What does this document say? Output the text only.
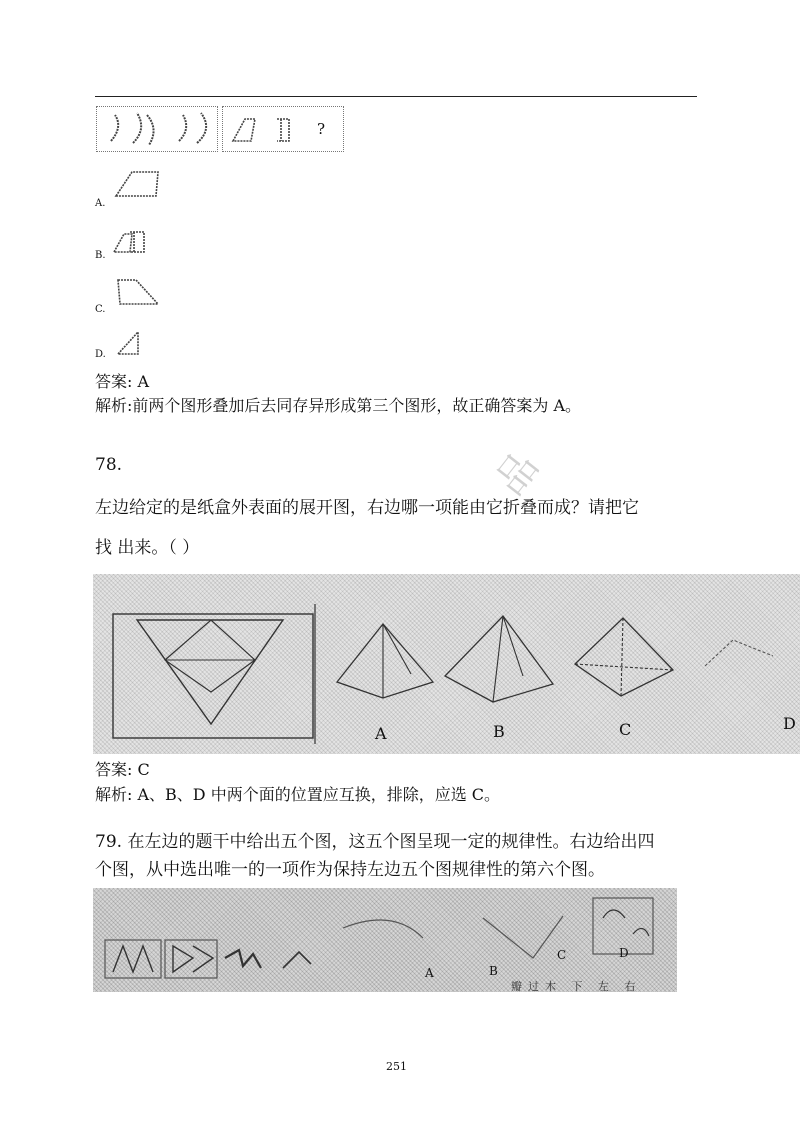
?
A.
B.
C.
D.
答案: A
解析:前两个图形叠加后去同存异形成第三个图形，故正确答案为 A。
品
78.
左边给定的是纸盒外表面的展开图，右边哪一项能由它折叠而成？请把它
找 出来。（ ）
A	B	C	D
答案: C
解析: A、B、D 中两个面的位置应互换，排除，应选 C。
79. 在左边的题干中给出五个图，这五个图呈现一定的规律性。右边给出四
个图，从中选出唯一的一项作为保持左边五个图规律性的第六个图。
A	B
C	D
瓣过木 下 左 右
251
